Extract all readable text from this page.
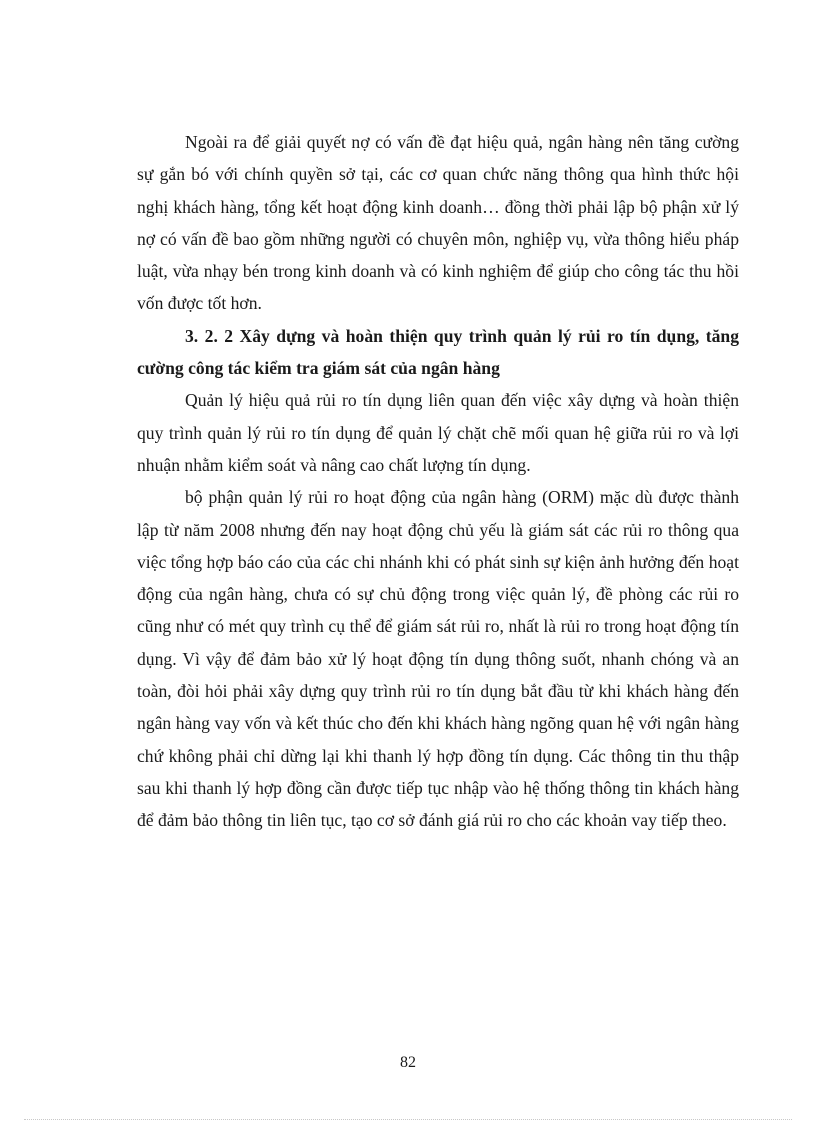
Ngoài ra để giải quyết nợ có vấn đề đạt hiệu quả, ngân hàng nên tăng cường sự gắn bó với chính quyền sở tại, các cơ quan chức năng thông qua hình thức hội nghị khách hàng, tổng kết hoạt động kinh doanh… đồng thời phải lập bộ phận xử lý nợ có vấn đề bao gồm những người có chuyên môn, nghiệp vụ, vừa thông hiểu pháp luật, vừa nhạy bén trong kinh doanh và có kinh nghiệm để giúp cho công tác thu hồi vốn được tốt hơn.

3. 2. 2 Xây dựng và hoàn thiện quy trình quản lý rủi ro tín dụng, tăng cường công tác kiểm tra giám sát của ngân hàng

Quản lý hiệu quả rủi ro tín dụng liên quan đến việc xây dựng và hoàn thiện quy trình quản lý rủi ro tín dụng để quản lý chặt chẽ mối quan hệ giữa rủi ro và lợi nhuận nhằm kiểm soát và nâng cao chất lượng tín dụng.

bộ phận quản lý rủi ro hoạt động của ngân hàng (ORM) mặc dù được thành lập từ năm 2008 nhưng đến nay hoạt động chủ yếu là giám sát các rủi ro thông qua việc tổng hợp báo cáo của các chi nhánh khi có phát sinh sự kiện ảnh hưởng đến hoạt động của ngân hàng, chưa có sự chủ động trong việc quản lý, đề phòng các rủi ro cũng như có mét quy trình cụ thể để giám sát rủi ro, nhất là rủi ro trong hoạt động tín dụng. Vì vậy để đảm bảo xử lý hoạt động tín dụng thông suốt, nhanh chóng và an toàn, đòi hỏi phải xây dựng quy trình rủi ro tín dụng bắt đầu từ khi khách hàng đến ngân hàng vay vốn và kết thúc cho đến khi khách hàng ngõng quan hệ với ngân hàng chứ không phải chỉ dừng lại khi thanh lý hợp đồng tín dụng. Các thông tin thu thập sau khi thanh lý hợp đồng cần được tiếp tục nhập vào hệ thống thông tin khách hàng để đảm bảo thông tin liên tục, tạo cơ sở đánh giá rủi ro cho các khoản vay tiếp theo.

82
